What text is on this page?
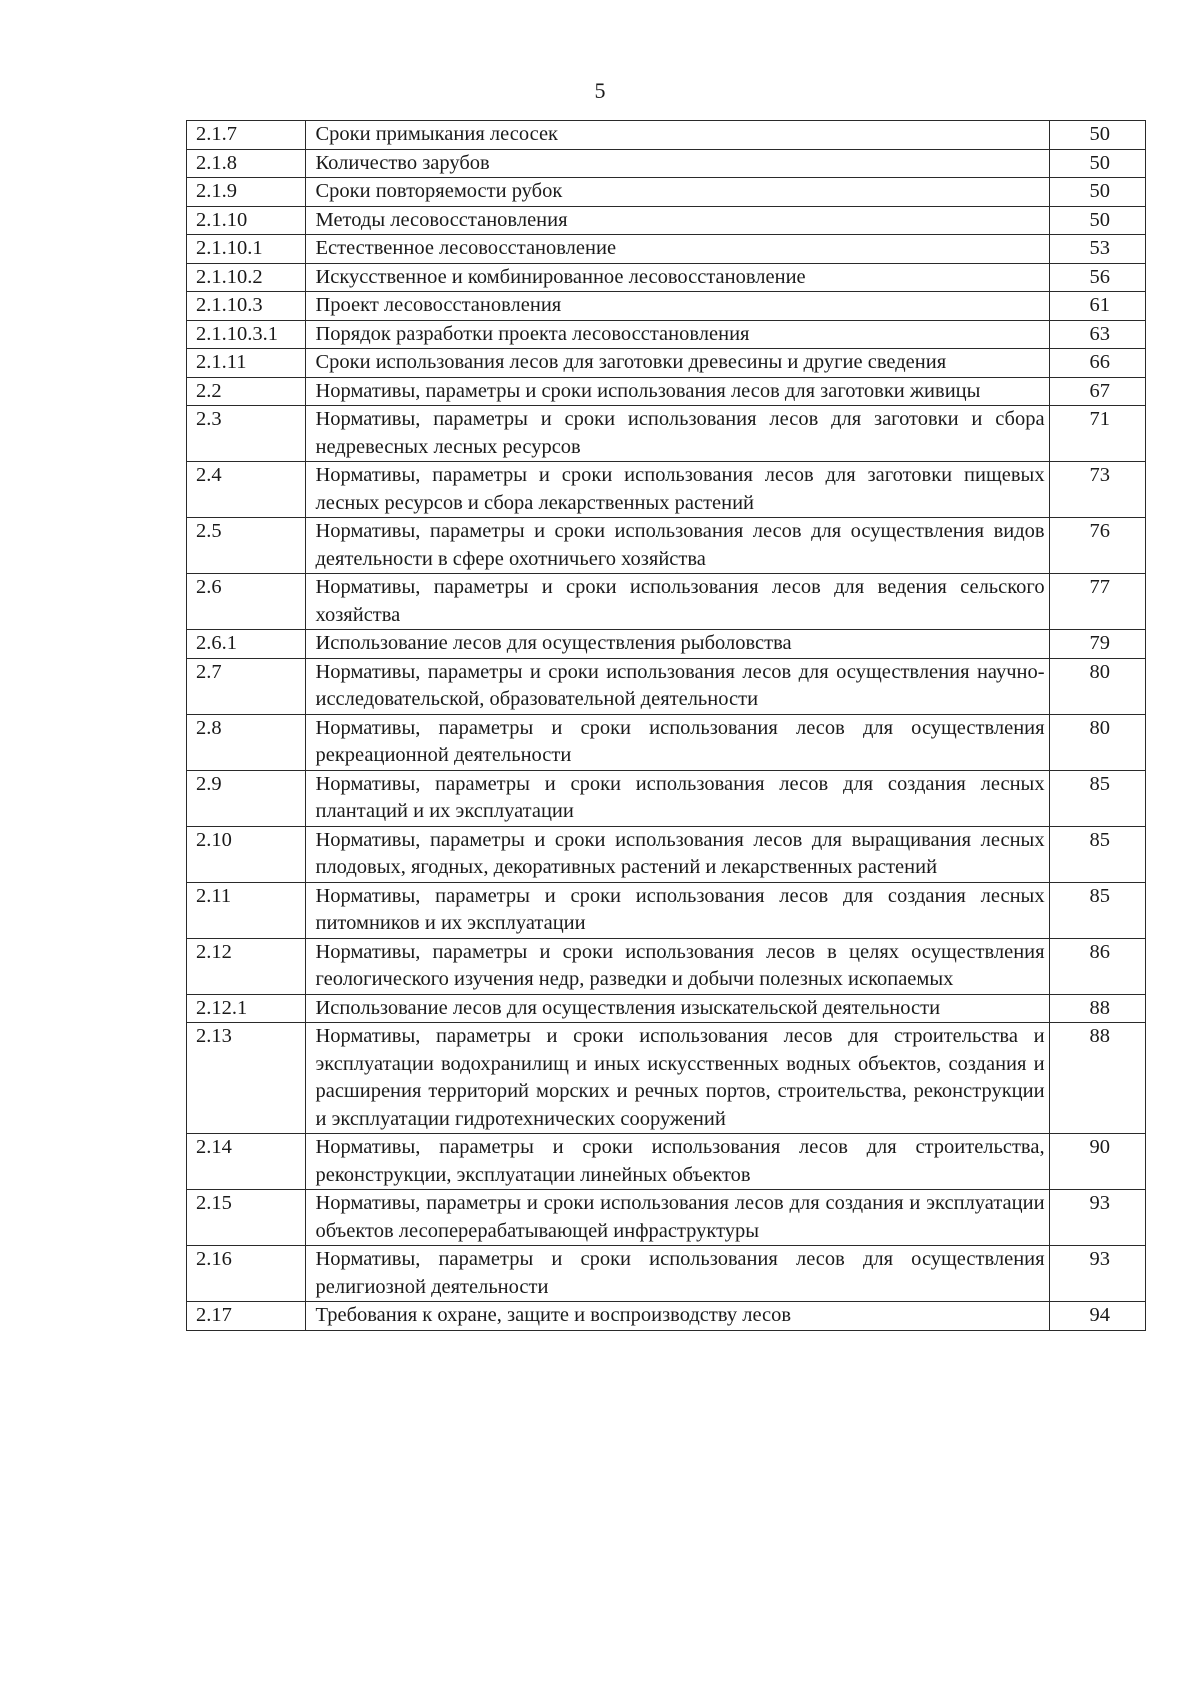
5
2.1.7	Сроки примыкания лесосек	50
2.1.8	Количество зарубов	50
2.1.9	Сроки повторяемости рубок	50
2.1.10	Методы лесовосстановления	50
2.1.10.1	Естественное лесовосстановление	53
2.1.10.2	Искусственное и комбинированное лесовосстановление	56
2.1.10.3	Проект лесовосстановления	61
2.1.10.3.1	Порядок разработки проекта лесовосстановления	63
2.1.11	Сроки использования лесов для заготовки древесины и другие сведения	66
2.2	Нормативы, параметры и сроки использования лесов для заготовки живицы	67
2.3	Нормативы, параметры и сроки использования лесов для заготовки и сбора недревесных лесных ресурсов	71
2.4	Нормативы, параметры и сроки использования лесов для заготовки пищевых лесных ресурсов и сбора лекарственных растений	73
2.5	Нормативы, параметры и сроки использования лесов для осуществления видов деятельности в сфере охотничьего хозяйства	76
2.6	Нормативы, параметры и сроки использования лесов для ведения сельского хозяйства	77
2.6.1	Использование лесов для осуществления рыболовства	79
2.7	Нормативы, параметры и сроки использования лесов для осуществления научно-исследовательской, образовательной деятельности	80
2.8	Нормативы, параметры и сроки использования лесов для осуществления рекреационной деятельности	80
2.9	Нормативы, параметры и сроки использования лесов для создания лесных плантаций и их эксплуатации	85
2.10	Нормативы, параметры и сроки использования лесов для выращивания лесных плодовых, ягодных, декоративных растений и лекарственных растений	85
2.11	Нормативы, параметры и сроки использования лесов для создания лесных питомников и их эксплуатации	85
2.12	Нормативы, параметры и сроки использования лесов в целях осуществления геологического изучения недр, разведки и добычи полезных ископаемых	86
2.12.1	Использование лесов для осуществления изыскательской деятельности	88
2.13	Нормативы, параметры и сроки использования лесов для строительства и эксплуатации водохранилищ и иных искусственных водных объектов, создания и расширения территорий морских и речных портов, строительства, реконструкции и эксплуатации гидротехнических сооружений	88
2.14	Нормативы, параметры и сроки использования лесов для строительства, реконструкции, эксплуатации линейных объектов	90
2.15	Нормативы, параметры и сроки использования лесов для создания и эксплуатации объектов лесоперерабатывающей инфраструктуры	93
2.16	Нормативы, параметры и сроки использования лесов для осуществления религиозной деятельности	93
2.17	Требования к охране, защите и воспроизводству лесов	94
